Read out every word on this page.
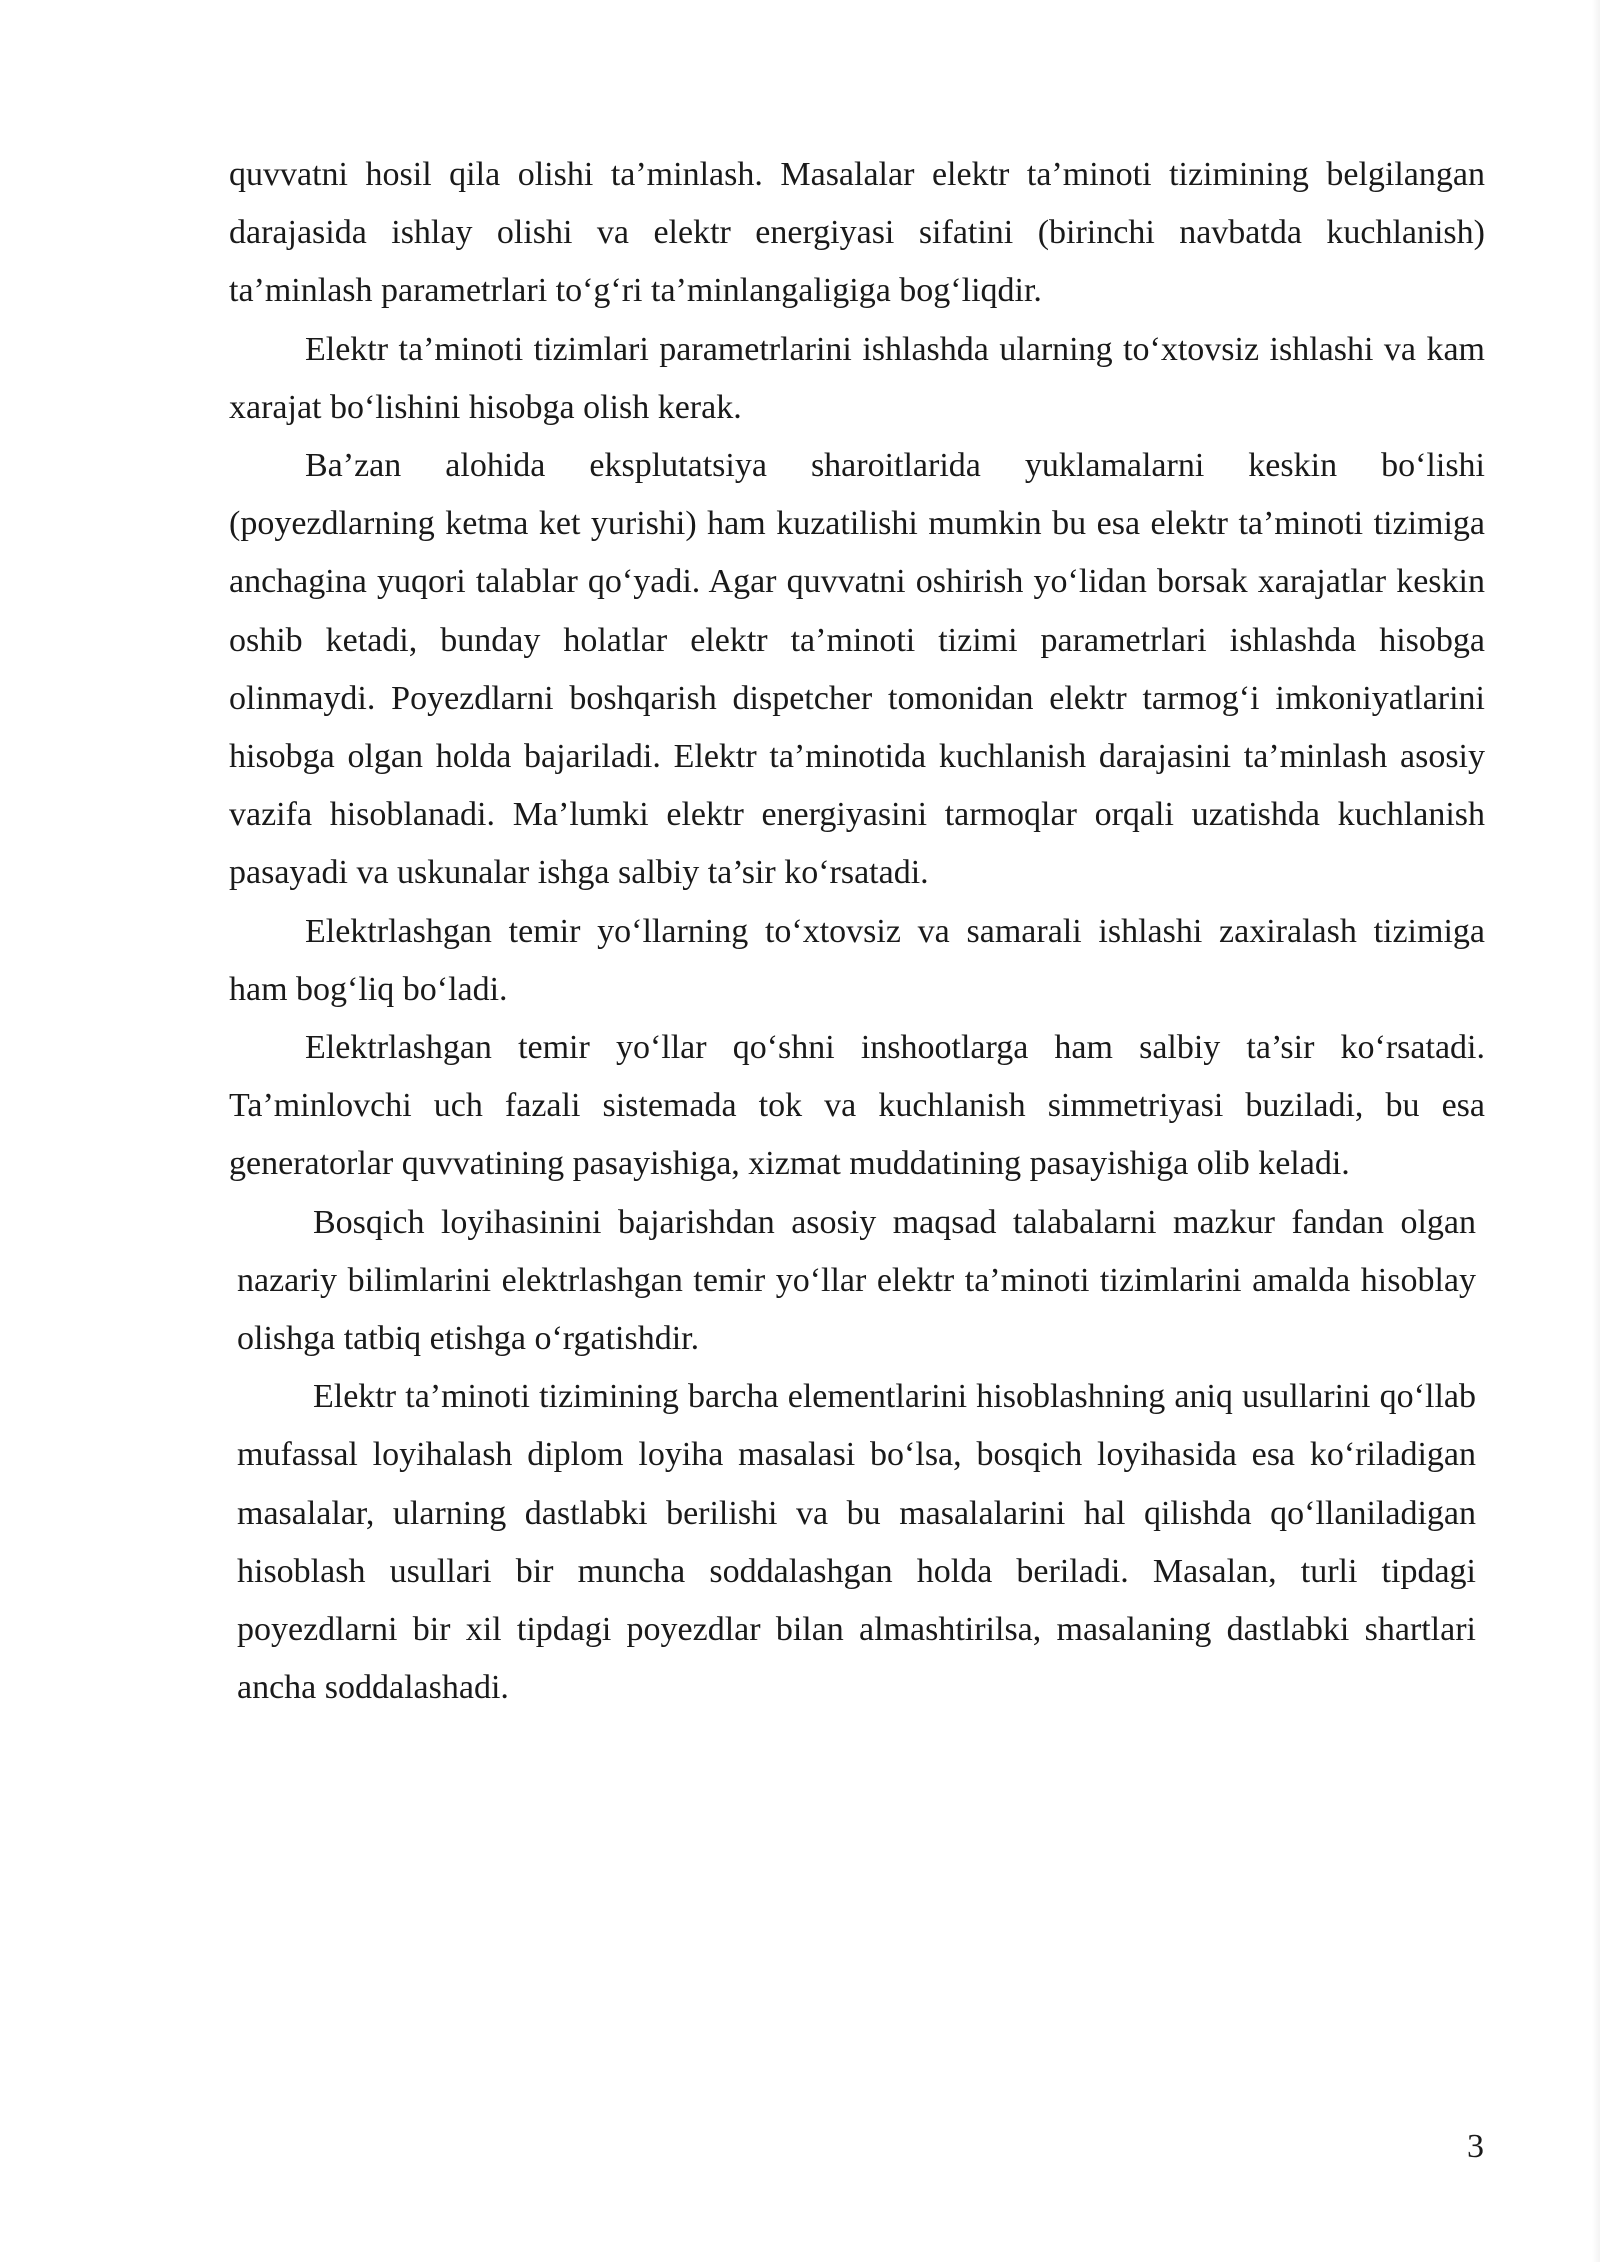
quvvatni hosil qila olishi ta’minlash. Masalalar elektr ta’minoti tizimining belgilangan darajasida ishlay olishi va elektr energiyasi sifatini (birinchi navbatda kuchlanish) ta’minlash parametrlari to‘g‘ri ta’minlangaligiga bog‘liqdir.

Elektr ta’minoti tizimlari parametrlarini ishlashda ularning to‘xtovsiz ishlashi va kam xarajat bo‘lishini hisobga olish kerak.

Ba’zan alohida eksplutatsiya sharoitlarida yuklamalarni keskin bo‘lishi (poyezdlarning ketma ket yurishi) ham kuzatilishi mumkin bu esa elektr ta’minoti tizimiga anchagina yuqori talablar qo‘yadi. Agar quvvatni oshirish yo‘lidan borsak xarajatlar keskin oshib ketadi, bunday holatlar elektr ta’minoti tizimi parametrlari ishlashda hisobga olinmaydi. Poyezdlarni boshqarish dispetcher tomonidan elektr tarmog‘i imkoniyatlarini hisobga olgan holda bajariladi. Elektr ta’minotida kuchlanish darajasini ta’minlash asosiy vazifa hisoblanadi. Ma’lumki elektr energiyasini tarmoqlar orqali uzatishda kuchlanish pasayadi va uskunalar ishga salbiy ta’sir ko‘rsatadi.

Elektrlashgan temir yo‘llarning to‘xtovsiz va samarali ishlashi zaxiralash tizimiga ham bog‘liq bo‘ladi.

Elektrlashgan temir yo‘llar qo‘shni inshootlarga ham salbiy ta’sir ko‘rsatadi. Ta’minlovchi uch fazali sistemada tok va kuchlanish simmetriyasi buziladi, bu esa generatorlar quvvatining pasayishiga, xizmat muddatining pasayishiga olib keladi.

Bosqich loyihasinini bajarishdan asosiy maqsad talabalarni mazkur fandan olgan nazariy bilimlarini elektrlashgan temir yo‘llar elektr ta’minoti tizimlarini amalda hisoblay olishga tatbiq etishga o‘rgatishdir.

Elektr ta’minoti tizimining barcha elementlarini hisoblashning aniq usullarini qo‘llab mufassal loyihalash diplom loyiha masalasi bo‘lsa, bosqich loyihasida esa ko‘riladigan masalalar, ularning dastlabki berilishi va bu masalalarini hal qilishda qo‘llaniladigan hisoblash usullari bir muncha soddalashgan holda beriladi. Masalan, turli tipdagi poyezdlarni bir xil tipdagi poyezdlar bilan almashtirilsa, masalaning dastlabki shartlari ancha soddalashadi.

3
